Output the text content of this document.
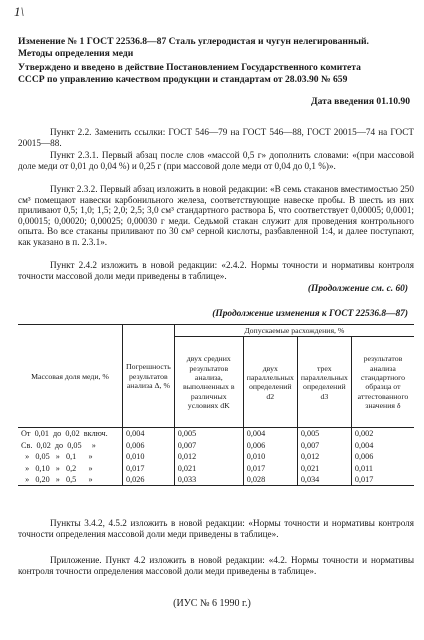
1\
Изменение № 1 ГОСТ 22536.8—87 Сталь углеродистая и чугун нелегированный.
Методы определения меди
Утверждено и введено в действие Постановлением Государственного комитета
СССР по управлению качеством продукции и стандартам от 28.03.90 № 659
Дата введения 01.10.90
Пункт 2.2. Заменить ссылки: ГОСТ 546—79 на ГОСТ 546—88, ГОСТ 20015—74 на ГОСТ 20015—88.
Пункт 2.3.1. Первый абзац после слов «массой 0,5 г» дополнить словами: «(при массовой доле меди от 0,01 до 0,04 %) и 0,25 г (при массовой доле меди от 0,04 до 0,1 %)».
Пункт 2.3.2. Первый абзац изложить в новой редакции: «В семь стаканов вместимостью 250 см³ помещают навески карбонильного железа, соответствующие навеске пробы. В шесть из них приливают 0,5; 1,0; 1,5; 2,0; 2,5; 3,0 см³ стандартного раствора Б, что соответствует 0,00005; 0,0001; 0,00015; 0,00020; 0,00025; 0,00030 г меди. Седьмой стакан служит для проведения контрольного опыта. Во все стаканы приливают по 30 см³ серной кислоты, разбавленной 1:4, и далее поступают, как указано в п. 2.3.1».
Пункт 2.4.2 изложить в новой редакции: «2.4.2. Нормы точности и нормативы контроля точности массовой доли меди приведены в таблице».
(Продолжение см. с. 60)
(Продолжение изменения к ГОСТ 22536.8—87)
Массовая доля меди, %	Погрешность результатов анализа Δ, %	Допускаемые расхождения, %			
		двух средних результатов анализа, выполненных в различных условиях dK	двух параллельных определений d2	трех параллельных определений d3	результатов анализа стандартного образца от аттестованного значения δ
От  0,01  до  0,02  включ.	0,004	0,005	0,004	0,005	0,002
Св.  0,02  до  0,05     »	0,006	0,007	0,006	0,007	0,004
»   0,05   »   0,1      »	0,010	0,012	0,010	0,012	0,006
»   0,10   »   0,2      »	0,017	0,021	0,017	0,021	0,011
»   0,20   »   0,5      »	0,026	0,033	0,028	0,034	0,017
Пункты 3.4.2, 4.5.2 изложить в новой редакции: «Нормы точности и нормативы контроля точности определения массовой доли меди приведены в таблице».
Приложение. Пункт 4.2 изложить в новой редакции: «4.2. Нормы точности и нормативы контроля точности определения массовой доли меди приведены в таблице».
(ИУС № 6 1990 г.)
